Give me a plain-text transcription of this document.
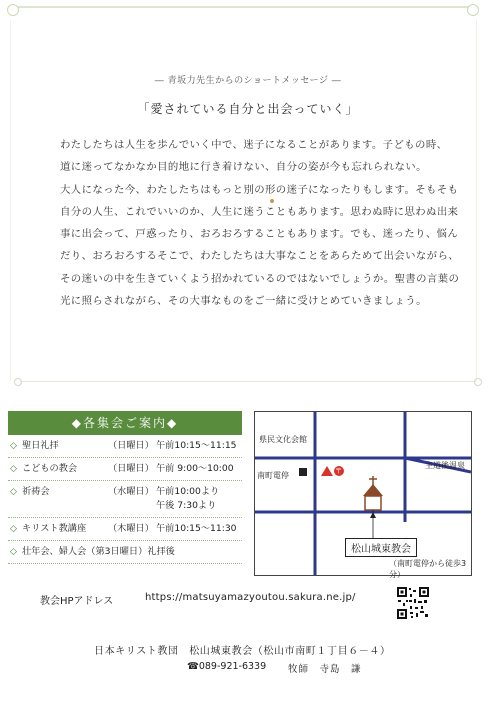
― 青坂力先生からのショートメッセージ ―
「愛されている自分と出会っていく」
わたしたちは人生を歩んでいく中で、迷子になることがあります。子どもの時、
道に迷ってなかなか目的地に行き着けない、自分の姿が今も忘れられない。
大人になった今、わたしたちはもっと別の形の迷子になったりもします。そもそも
自分の人生、これでいいのか、人生に迷うこともあります。思わぬ時に思わぬ出来
事に出会って、戸惑ったり、おろおろすることもあります。でも、迷ったり、悩ん
だり、おろおろするそこで、わたしたちは大事なことをあらためて出会いながら、
その迷いの中を生きていくよう招かれているのではないでしょうか。聖書の言葉の
光に照らされながら、その大事なものをご一緒に受けとめていきましょう。
◆各集会ご案内◆
◇ 聖日礼拝	（日曜日） 午前10:15～11:15
◇ こどもの教会	（日曜日） 午前 9:00～10:00
◇ 祈祷会	（水曜日） 午前10:00より
午後 7:30より
◇ キリスト教講座 （木曜日） 午前10:15～11:30
◇ 壮年会、婦人会（第3日曜日）礼拝後
県民文化会館
主道後温泉
南町電停	〒
松山城東教会
（南町電停から徒歩3分）
教会HPアドレス	https://matsuyamazyoutou.sakura.ne.jp/
日本キリスト教団　松山城東教会（松山市南町１丁目６－４）
☎089-921-6339 牧師　寺島　謙
